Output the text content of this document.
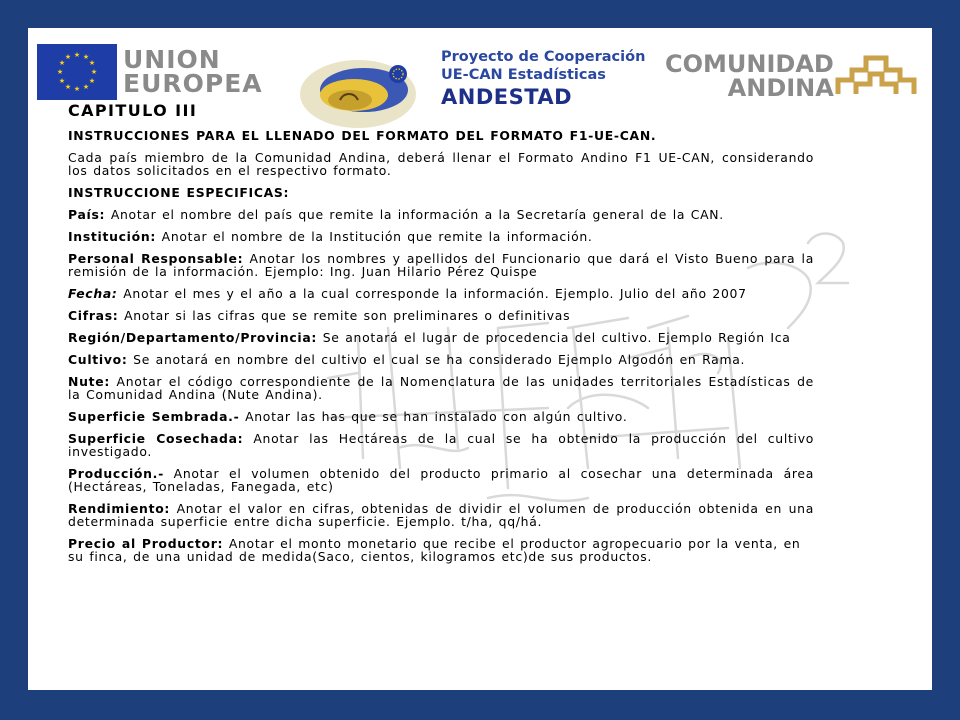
★ ★
★
★
★
★
★
★
★
★
★
★ UNION
EUROPEA
Proyecto de Cooperación
UE-CAN Estadísticas
ANDESTAD
COMUNIDAD
ANDINA
CAPITULO III
INSTRUCCIONES PARA EL LLENADO DEL FORMATO DEL FORMATO F1-UE-CAN.
Cada país miembro de la Comunidad Andina, deberá llenar el Formato Andino F1 UE-CAN, considerando los datos solicitados en el respectivo formato.
INSTRUCCIONE ESPECIFICAS:
País: Anotar el nombre del país que remite la información a la Secretaría general de la CAN.
Institución: Anotar el nombre de la Institución que remite la información.
Personal Responsable: Anotar los nombres y apellidos del Funcionario que dará el Visto Bueno para la remisión de la información. Ejemplo: Ing. Juan Hilario Pérez Quispe
Fecha: Anotar el mes y el año a la cual corresponde la información. Ejemplo. Julio del año 2007
Cifras: Anotar si las cifras que se remite son preliminares o definitivas
Región/Departamento/Provincia: Se anotará el lugar de procedencia del cultivo. Ejemplo Región Ica
Cultivo: Se anotará en nombre del cultivo el cual se ha considerado Ejemplo Algodón en Rama.
Nute: Anotar el código correspondiente de la Nomenclatura de las unidades territoriales Estadísticas de la Comunidad Andina (Nute Andina).
Superficie Sembrada.- Anotar las has que se han instalado con algún cultivo.
Superficie Cosechada: Anotar las Hectáreas de la cual se ha obtenido la producción del cultivo investigado.
Producción.- Anotar el volumen obtenido del producto primario al cosechar una determinada área (Hectáreas, Toneladas, Fanegada, etc)
Rendimiento: Anotar el valor en cifras, obtenidas de dividir el volumen de producción obtenida en una determinada superficie entre dicha superficie. Ejemplo. t/ha, qq/há.
Precio al Productor: Anotar el monto monetario que recibe el productor agropecuario por la venta, en su finca, de una unidad de medida(Saco, cientos, kilogramos etc)de sus productos.
